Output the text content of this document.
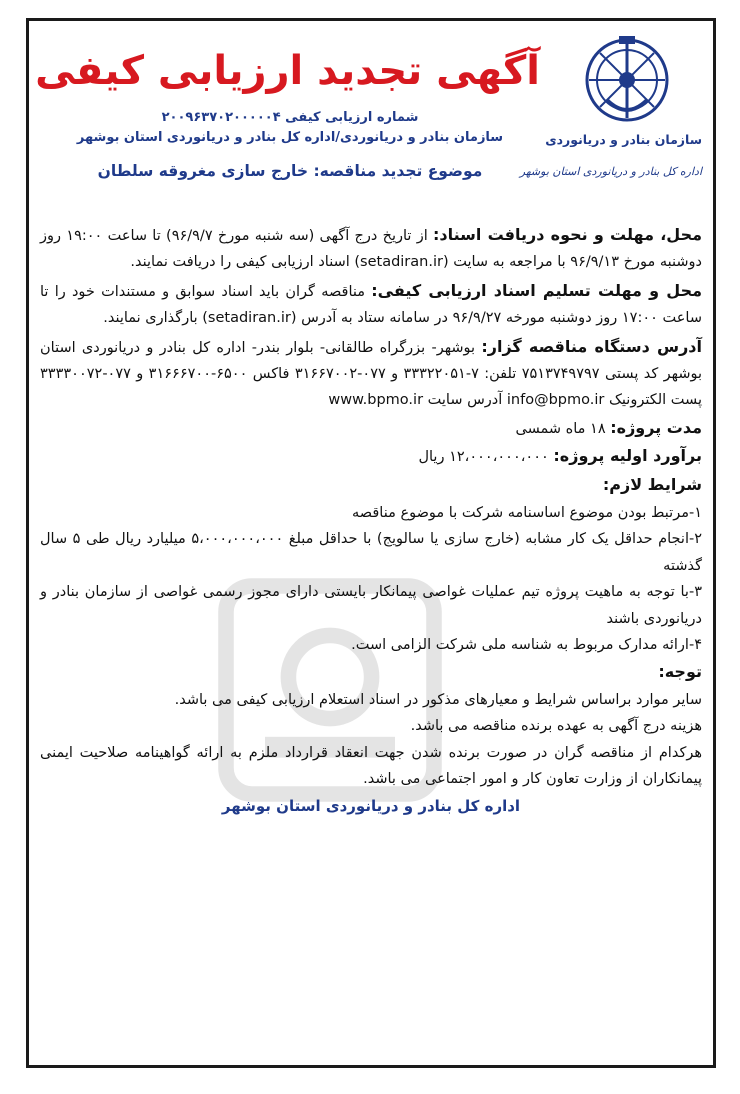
سازمان بنادر و دریانوردی
اداره کل بنادر و دریانوردی استان بوشهر
آگهی تجدید ارزیابی کیفی
شماره ارزیابی کیفی ۲۰۰۹۶۳۷۰۲۰۰۰۰۰۴
سازمان بنادر و دریانوردی/اداره کل بنادر و دریانوردی استان بوشهر
موضوع تجدید مناقصه: خارج سازی مغروقه سلطان

محل، مهلت و نحوه دریافت اسناد: از تاریخ درج آگهی (سه شنبه مورخ ۹۶/۹/۷) تا ساعت ۱۹:۰۰ روز دوشنبه مورخ ۹۶/۹/۱۳ با مراجعه به سایت (setadiran.ir) اسناد ارزیابی کیفی را دریافت نمایند.

محل و مهلت تسلیم اسناد ارزیابی کیفی: مناقصه گران باید اسناد سوابق و مستندات خود را تا ساعت ۱۷:۰۰ روز دوشنبه مورخه ۹۶/۹/۲۷ در سامانه ستاد به آدرس (setadiran.ir) بارگذاری نمایند.

آدرس دستگاه مناقصه گزار: بوشهر- بزرگراه طالقانی- بلوار بندر- اداره کل بنادر و دریانوردی استان بوشهر کد پستی ۷۵۱۳۷۴۹۷۹۷ تلفن: ۷-۳۳۳۲۲۰۵۱ و ۰۷۷-۳۱۶۶۷۰۰۲ فاکس ۶۵۰۰-۳۱۶۶۶۷۰۰ و ۰۷۷-۳۳۳۳۰۰۷۲ پست الکترونیک info@bpmo.ir آدرس سایت www.bpmo.ir

مدت پروژه: ۱۸ ماه شمسی
برآورد اولیه پروژه: ۱۲،۰۰۰،۰۰۰،۰۰۰ ریال
شرایط لازم:

۱-مرتبط بودن موضوع اساسنامه شرکت با موضوع مناقصه

۲-انجام حداقل یک کار مشابه (خارج سازی یا سالویج) با حداقل مبلغ ۵،۰۰۰،۰۰۰،۰۰۰ میلیارد ریال طی ۵ سال گذشته

۳-با توجه به ماهیت پروژه تیم عملیات غواصی پیمانکار بایستی دارای مجوز رسمی غواصی از سازمان بنادر و دریانوردی باشند

۴-ارائه مدارک مربوط به شناسه ملی شرکت الزامی است.

توجه:

سایر موارد براساس شرایط و معیارهای مذکور در اسناد استعلام ارزیابی کیفی می باشد.

هزینه درج آگهی به عهده برنده مناقصه می باشد.

هرکدام از مناقصه گران در صورت برنده شدن جهت انعقاد قرارداد ملزم به ارائه گواهینامه صلاحیت ایمنی پیمانکاران از وزارت تعاون کار و امور اجتماعی می باشد.

اداره کل بنادر و دریانوردی استان بوشهر
